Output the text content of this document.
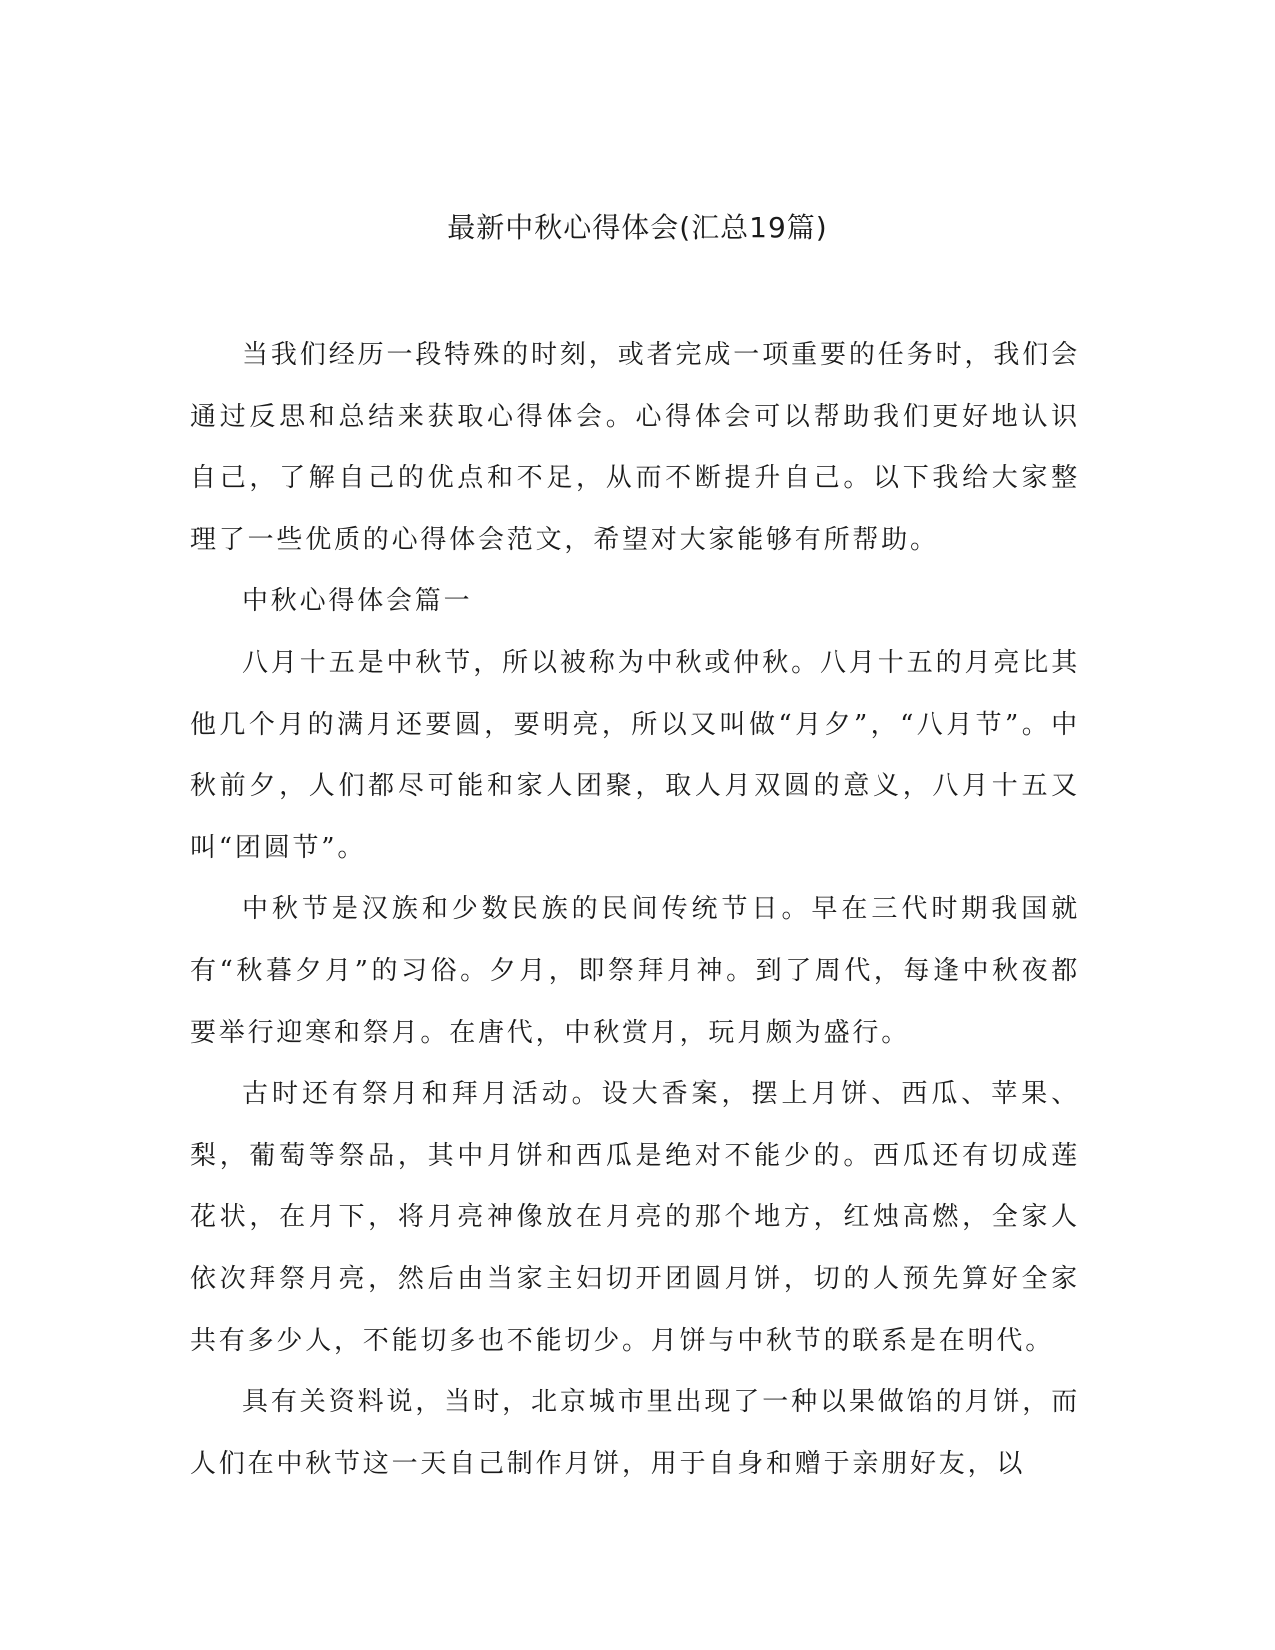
最新中秋心得体会(汇总19篇)

当我们经历一段特殊的时刻，或者完成一项重要的任务时，我们会通过反思和总结来获取心得体会。心得体会可以帮助我们更好地认识自己，了解自己的优点和不足，从而不断提升自己。以下我给大家整理了一些优质的心得体会范文，希望对大家能够有所帮助。

中秋心得体会篇一

八月十五是中秋节，所以被称为中秋或仲秋。八月十五的月亮比其他几个月的满月还要圆，要明亮，所以又叫做“月夕”，“八月节”。中秋前夕，人们都尽可能和家人团聚，取人月双圆的意义，八月十五又叫“团圆节”。

中秋节是汉族和少数民族的民间传统节日。早在三代时期我国就有“秋暮夕月”的习俗。夕月，即祭拜月神。到了周代，每逢中秋夜都要举行迎寒和祭月。在唐代，中秋赏月，玩月颇为盛行。

古时还有祭月和拜月活动。设大香案，摆上月饼、西瓜、苹果、梨，葡萄等祭品，其中月饼和西瓜是绝对不能少的。西瓜还有切成莲花状，在月下，将月亮神像放在月亮的那个地方，红烛高燃，全家人依次拜祭月亮，然后由当家主妇切开团圆月饼，切的人预先算好全家共有多少人，不能切多也不能切少。月饼与中秋节的联系是在明代。

具有关资料说，当时，北京城市里出现了一种以果做馅的月饼，而人们在中秋节这一天自己制作月饼，用于自身和赠于亲朋好友，以
